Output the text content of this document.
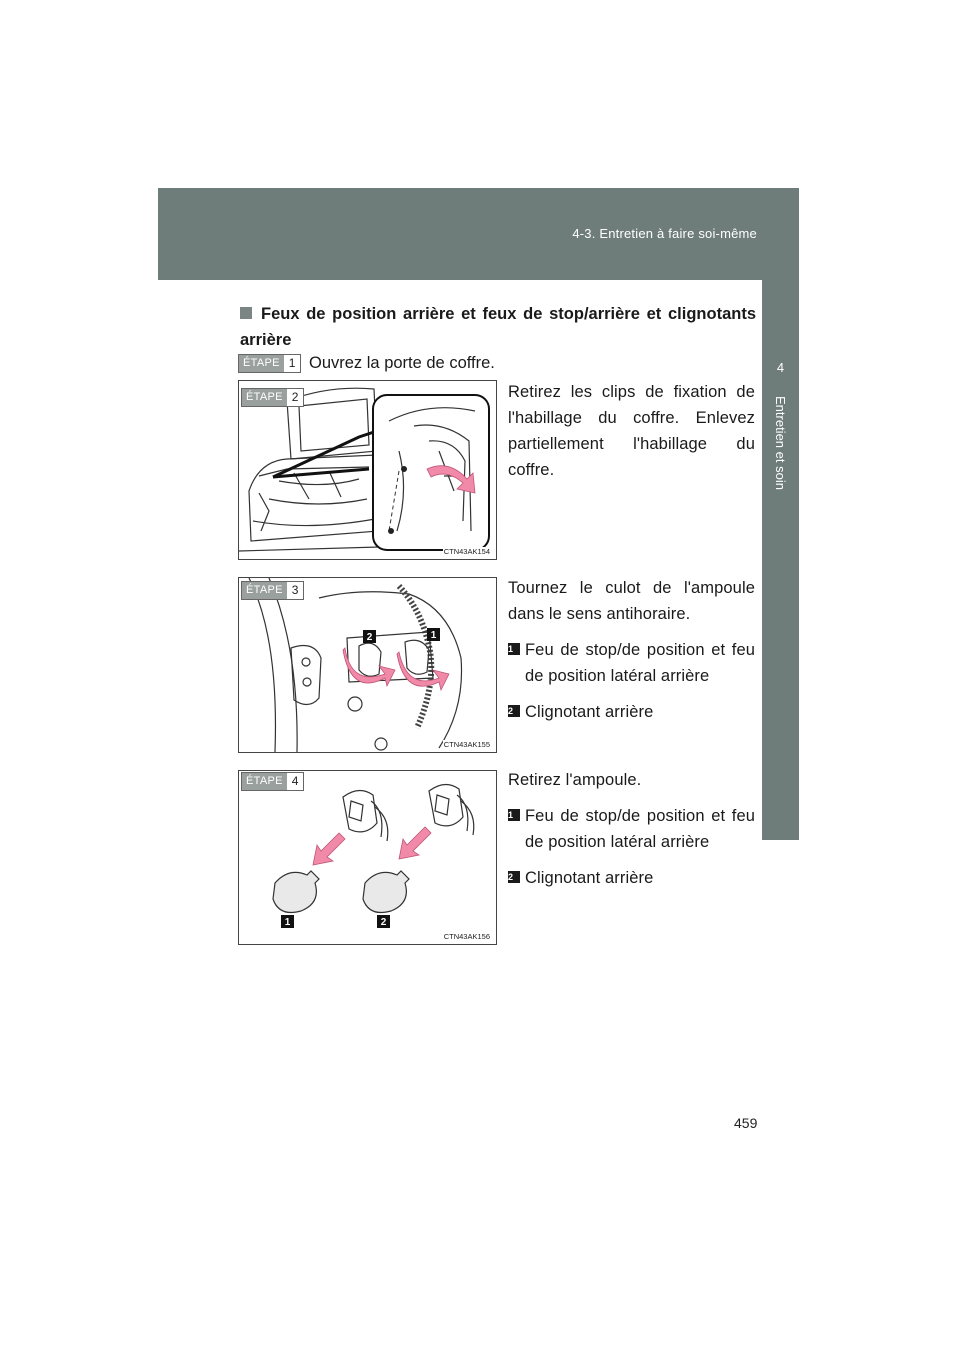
4-3. Entretien à faire soi-même
4
Entretien et soin
Feux de position arrière et feux de stop/arrière et clignotants arrière
ÉTAPE 1 Ouvrez la porte de coffre.
ÉTAPE 2
CTN43AK154
Retirez les clips de fixation de l'habillage du coffre. Enlevez partiellement l'habillage du coffre.
2	1
ÉTAPE 3
CTN43AK155
Tournez le culot de l'ampoule dans le sens antihoraire.
1 Feu de stop/de position et feu de position latéral arrière
2 Clignotant arrière
1	2
ÉTAPE 4
CTN43AK156
Retirez l'ampoule.
1 Feu de stop/de position et feu de position latéral arrière
2 Clignotant arrière
459
